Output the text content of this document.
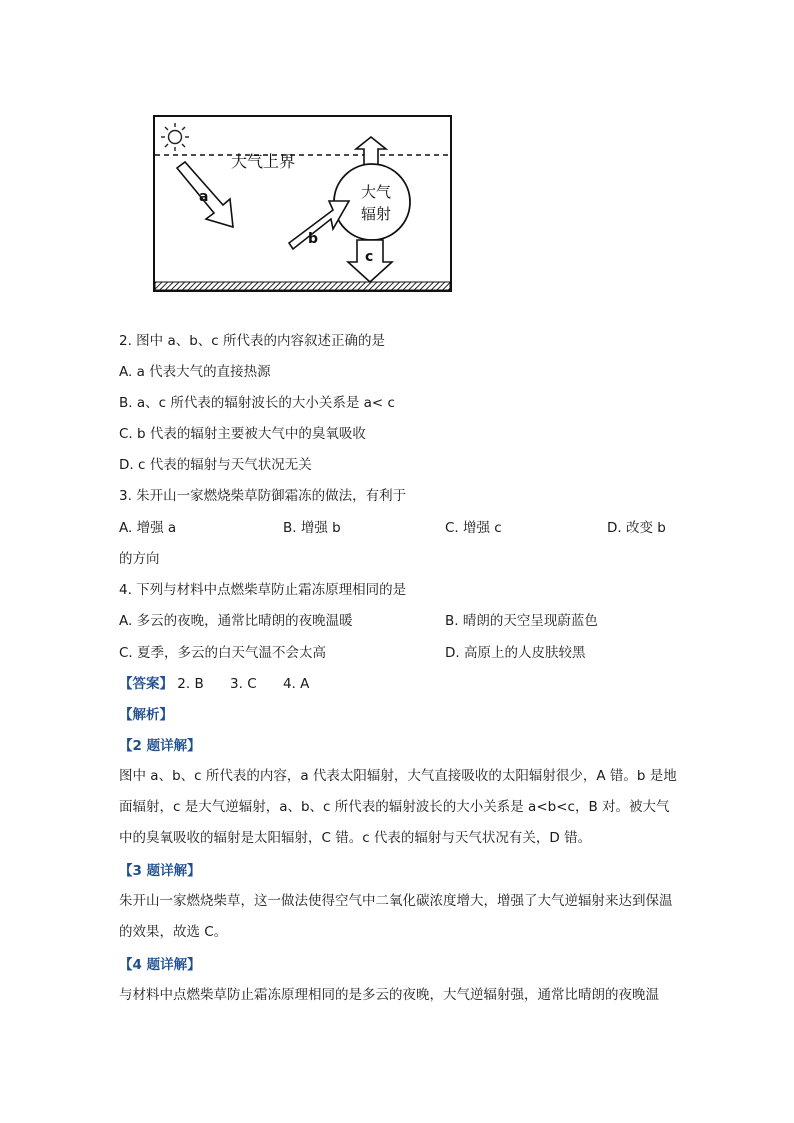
大气上界
a	大气
辐射
b
c
2. 图中 a、b、c 所代表的内容叙述正确的是
A. a 代表大气的直接热源
B. a、c 所代表的辐射波长的大小关系是 a< c
C. b 代表的辐射主要被大气中的臭氧吸收
D. c 代表的辐射与天气状况无关
3. 朱开山一家燃烧柴草防御霜冻的做法，有利于
A. 增强 a	B. 增强 b	C. 增强 c	D. 改变 b
的方向
4. 下列与材料中点燃柴草防止霜冻原理相同的是
A. 多云的夜晚，通常比晴朗的夜晚温暖	B. 晴朗的天空呈现蔚蓝色
C. 夏季，多云的白天气温不会太高	D. 高原上的人皮肤较黑
【答案】 2. B 3. C 4. A
【解析】
【2 题详解】
图中 a、b、c 所代表的内容，a 代表太阳辐射，大气直接吸收的太阳辐射很少，A 错。b 是地面辐射，c 是大气逆辐射，a、b、c 所代表的辐射波长的大小关系是 a<b<c，B 对。被大气中的臭氧吸收的辐射是太阳辐射，C 错。c 代表的辐射与天气状况有关，D 错。
【3 题详解】
朱开山一家燃烧柴草，这一做法使得空气中二氧化碳浓度增大，增强了大气逆辐射来达到保温的效果，故选 C。
【4 题详解】
与材料中点燃柴草防止霜冻原理相同的是多云的夜晚，大气逆辐射强，通常比晴朗的夜晚温
